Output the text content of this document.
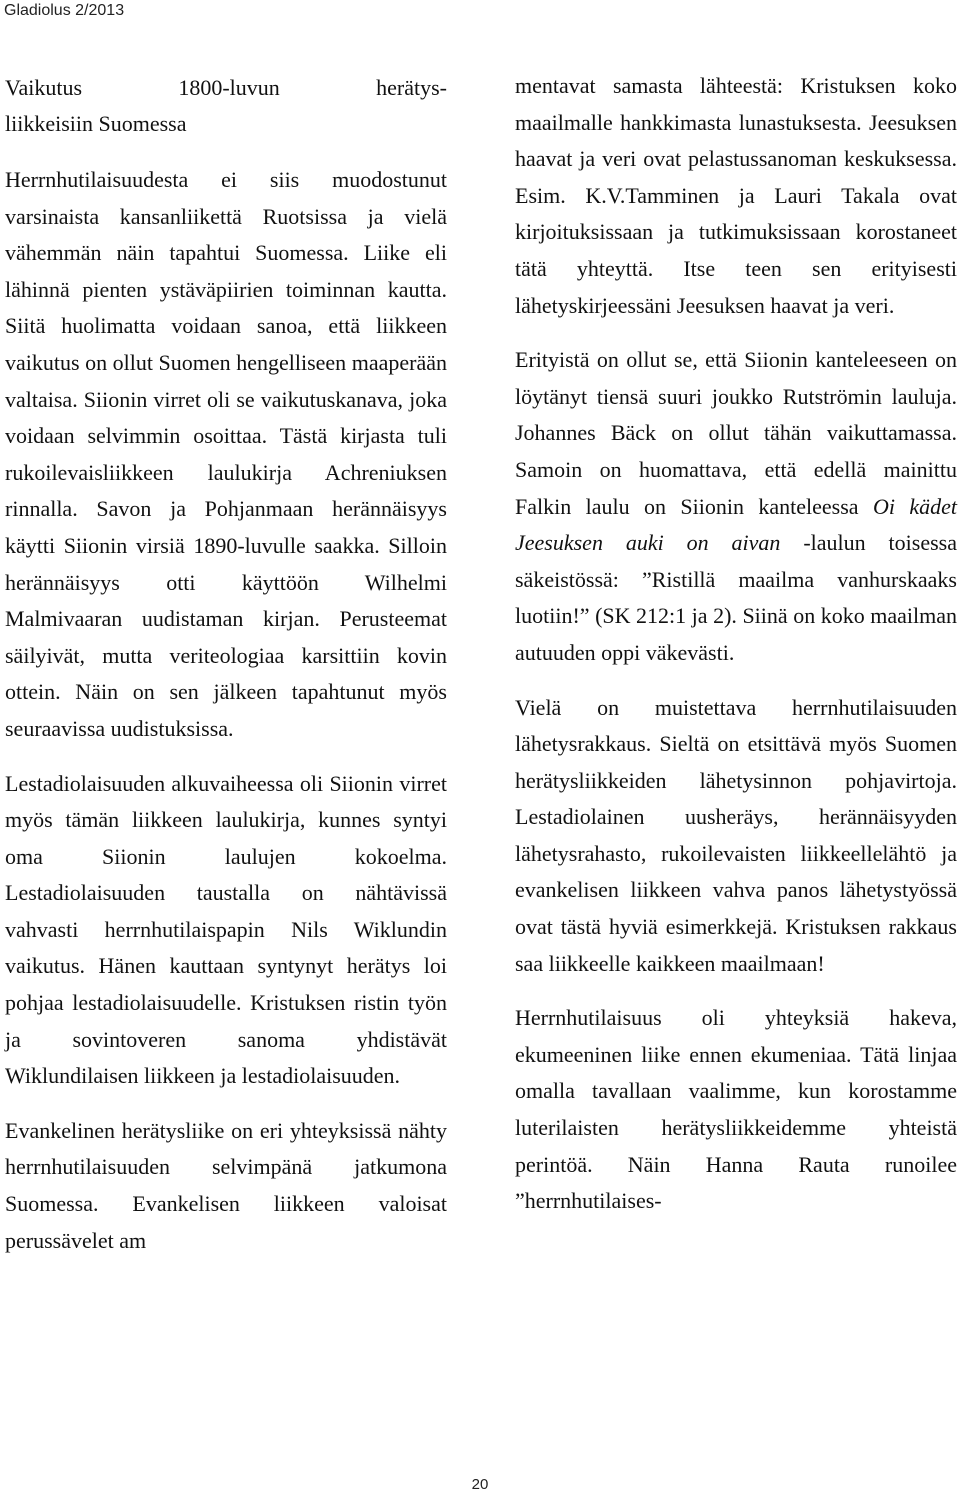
Gladiolus 2/2013
Vaikutus 1800-luvun herätys-
liikkeisiin Suomessa

Herrnhutilaisuudesta ei siis muodostunut varsinaista kansanliikettä Ruotsissa ja vielä vähemmän näin tapahtui Suomessa. Liike eli lähinnä pienten ystäväpiirien toiminnan kautta. Siitä huolimatta voidaan sanoa, että liikkeen vaikutus on ollut Suomen hengelliseen maaperään valtaisa. Siionin virret oli se vaikutuskanava, joka voidaan selvimmin osoittaa. Tästä kirjasta tuli rukoilevaisliikkeen laulukirja Achreniuksen rinnalla. Savon ja Pohjanmaan herännäisyys käytti Siionin virsiä 1890-luvulle saakka. Silloin herännäisyys otti käyttöön Wilhelmi Malmivaaran uudistaman kirjan. Perusteemat säilyivät, mutta veriteologiaa karsittiin kovin ottein. Näin on sen jälkeen tapahtunut myös seuraavissa uudistuksissa.

Lestadiolaisuuden alkuvaiheessa oli Siionin virret myös tämän liikkeen laulukirja, kunnes syntyi oma Siionin laulujen kokoelma. Lestadiolaisuuden taustalla on nähtävissä vahvasti herrnhutilaispapin Nils Wiklundin vaikutus. Hänen kauttaan syntynyt herätys loi pohjaa lestadiolaisuudelle. Kristuksen ristin työn ja sovintoveren sanoma yhdistävät Wiklundilaisen liikkeen ja lestadiolaisuuden.

Evankelinen herätysliike on eri yhteyksissä nähty herrnhutilaisuuden selvimpänä jatkumona Suomessa. Evankelisen liikkeen valoisat perussävelet am

mentavat samasta lähteestä: Kristuksen koko maailmalle hankkimasta lunastuksesta. Jeesuksen haavat ja veri ovat pelastussanoman keskuksessa. Esim. K.V.Tamminen ja Lauri Takala ovat kirjoituksissaan ja tutkimuksissaan korostaneet tätä yhteyttä. Itse teen sen erityisesti lähetyskirjeessäni Jeesuksen haavat ja veri.

Erityistä on ollut se, että Siionin kanteleeseen on löytänyt tiensä suuri joukko Rutströmin lauluja. Johannes Bäck on ollut tähän vaikuttamassa. Samoin on huomattava, että edellä mainittu Falkin laulu on Siionin kanteleessa Oi kädet Jeesuksen auki on aivan -laulun toisessa säkeistössä: ”Ristillä maailma vanhurskaaks luotiin!” (SK 212:1 ja 2). Siinä on koko maailman autuuden oppi väkevästi.

Vielä on muistettava herrnhutilaisuuden lähetysrakkaus. Sieltä on etsittävä myös Suomen herätysliikkeiden lähetysinnon pohjavirtoja. Lestadiolainen uusheräys, herännäisyyden lähetysrahasto, rukoilevaisten liikkeellelähtö ja evankelisen liikkeen vahva panos lähetystyössä ovat tästä hyviä esimerkkejä. Kristuksen rakkaus saa liikkeelle kaikkeen maailmaan!

Herrnhutilaisuus oli yhteyksiä hakeva, ekumeeninen liike ennen ekumeniaa. Tätä linjaa omalla tavallaan vaalimme, kun korostamme luterilaisten herätysliikkeidemme yhteistä perintöä. Näin Hanna Rauta runoilee ”herrnhutilaises-

20
